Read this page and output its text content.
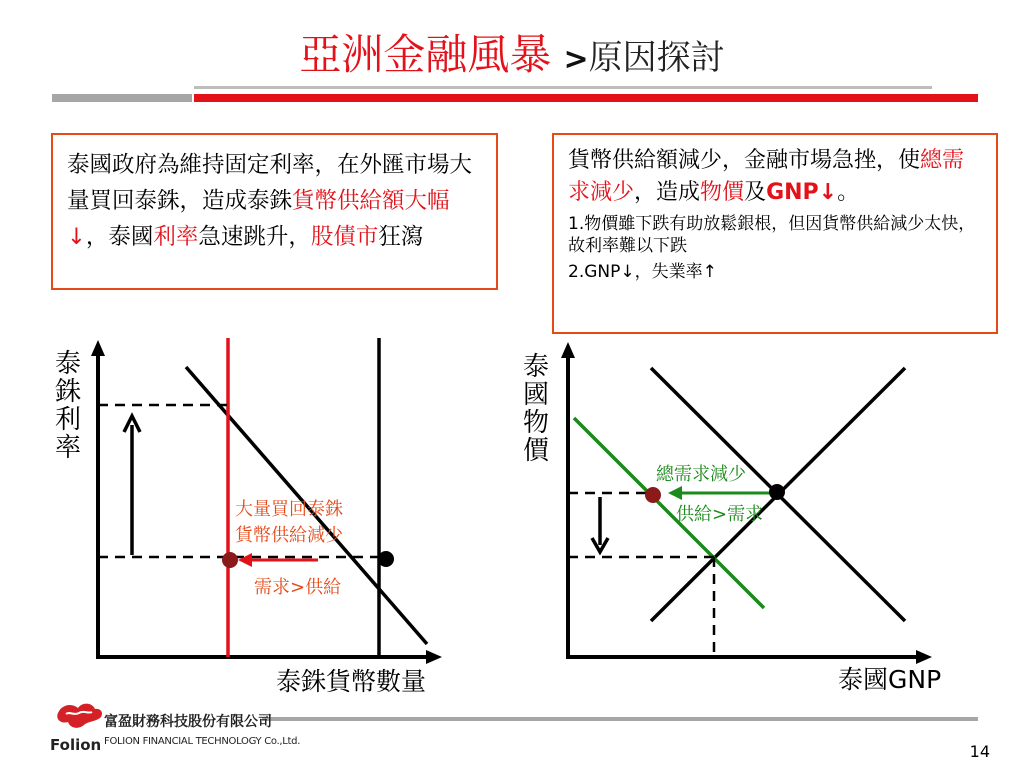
亞洲金融風暴 >原因探討
泰國政府為維持固定利率，在外匯市場大量買回泰銖，造成泰銖貨幣供給額大幅↓，泰國利率急速跳升，股債市狂瀉
貨幣供給額減少，金融市場急挫，使總需求減少，造成物價及GNP↓。
1.物價雖下跌有助放鬆銀根，但因貨幣供給減少太快，故利率難以下跌
2.GNP↓，失業率↑
泰銖利率
泰銖貨幣數量
大量買回泰銖
貨幣供給減少
需求>供給
泰國物價
泰國GNP
總需求減少
供給>需求
Folion
富盈財務科技股份有限公司
FOLION FINANCIAL TECHNOLOGY Co.,Ltd.
14
